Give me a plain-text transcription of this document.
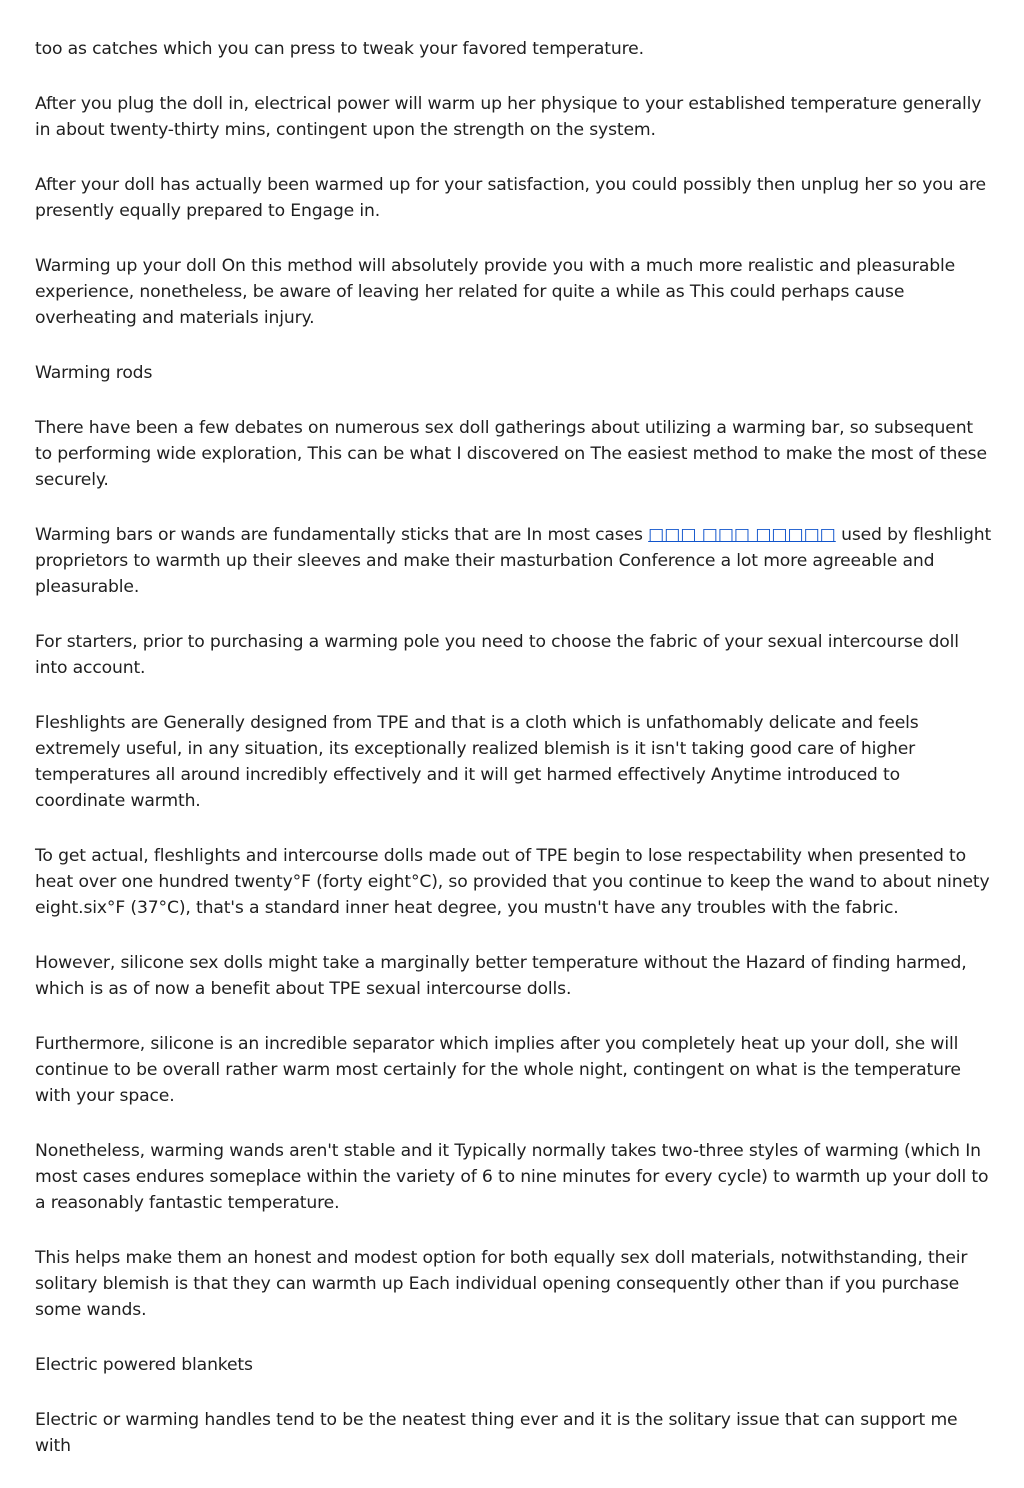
too as catches which you can press to tweak your favored temperature.

After you plug the doll in, electrical power will warm up her physique to your established temperature generally in about twenty-thirty mins, contingent upon the strength on the system.

After your doll has actually been warmed up for your satisfaction, you could possibly then unplug her so you are presently equally prepared to Engage in.

Warming up your doll On this method will absolutely provide you with a much more realistic and pleasurable experience, nonetheless, be aware of leaving her related for quite a while as This could perhaps cause overheating and materials injury.

Warming rods

There have been a few debates on numerous sex doll gatherings about utilizing a warming bar, so subsequent to performing wide exploration, This can be what I discovered on The easiest method to make the most of these securely.

Warming bars or wands are fundamentally sticks that are In most cases □□□ □□□ □□□□□ used by fleshlight proprietors to warmth up their sleeves and make their masturbation Conference a lot more agreeable and pleasurable.

For starters, prior to purchasing a warming pole you need to choose the fabric of your sexual intercourse doll into account.

Fleshlights are Generally designed from TPE and that is a cloth which is unfathomably delicate and feels extremely useful, in any situation, its exceptionally realized blemish is it isn't taking good care of higher temperatures all around incredibly effectively and it will get harmed effectively Anytime introduced to coordinate warmth.

To get actual, fleshlights and intercourse dolls made out of TPE begin to lose respectability when presented to heat over one hundred twenty°F (forty eight°C), so provided that you continue to keep the wand to about ninety eight.six°F (37°C), that's a standard inner heat degree, you mustn't have any troubles with the fabric.

However, silicone sex dolls might take a marginally better temperature without the Hazard of finding harmed, which is as of now a benefit about TPE sexual intercourse dolls.

Furthermore, silicone is an incredible separator which implies after you completely heat up your doll, she will continue to be overall rather warm most certainly for the whole night, contingent on what is the temperature with your space.

Nonetheless, warming wands aren't stable and it Typically normally takes two-three styles of warming (which In most cases endures someplace within the variety of 6 to nine minutes for every cycle) to warmth up your doll to a reasonably fantastic temperature.

This helps make them an honest and modest option for both equally sex doll materials, notwithstanding, their solitary blemish is that they can warmth up Each individual opening consequently other than if you purchase some wands.

Electric powered blankets

Electric or warming handles tend to be the neatest thing ever and it is the solitary issue that can support me with
